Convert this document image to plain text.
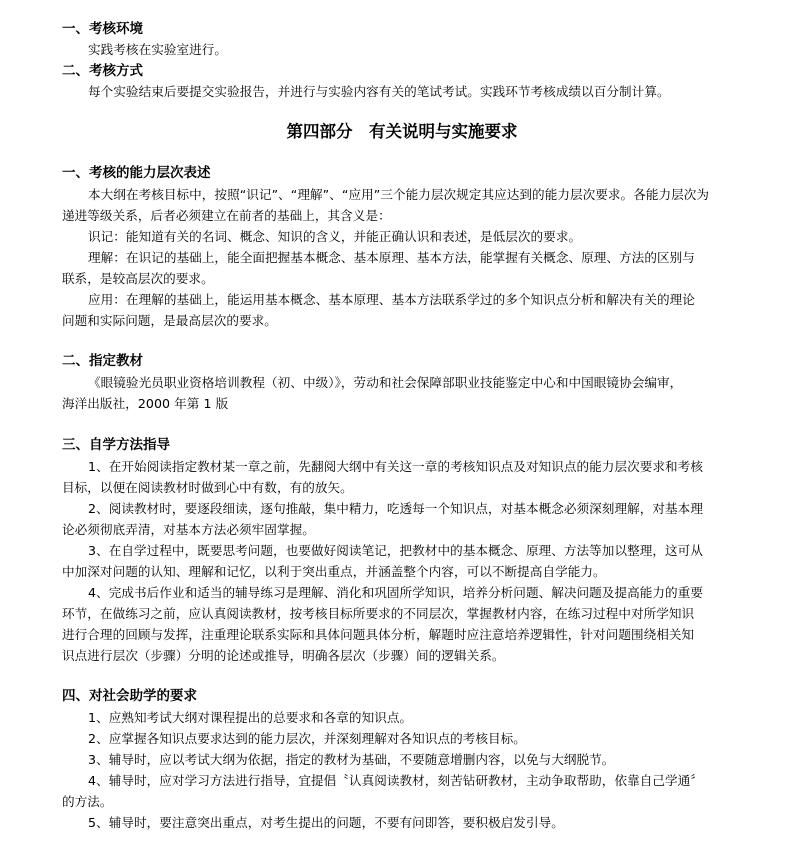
一、考核环境
实践考核在实验室进行。
二、考核方式
每个实验结束后要提交实验报告，并进行与实验内容有关的笔试考试。实践环节考核成绩以百分制计算。
第四部分　有关说明与实施要求
一、考核的能力层次表述
本大纲在考核目标中，按照“识记”、“理解”、“应用”三个能力层次规定其应达到的能力层次要求。各能力层次为
递进等级关系，后者必须建立在前者的基础上，其含义是：
识记：能知道有关的名词、概念、知识的含义，并能正确认识和表述，是低层次的要求。
理解：在识记的基础上，能全面把握基本概念、基本原理、基本方法，能掌握有关概念、原理、方法的区别与
联系，是较高层次的要求。
应用：在理解的基础上，能运用基本概念、基本原理、基本方法联系学过的多个知识点分析和解决有关的理论
问题和实际问题，是最高层次的要求。
二、指定教材
《眼镜验光员职业资格培训教程（初、中级）》，劳动和社会保障部职业技能鉴定中心和中国眼镜协会编审，
海洋出版社，2000 年第 1 版
三、自学方法指导
1、在开始阅读指定教材某一章之前，先翻阅大纲中有关这一章的考核知识点及对知识点的能力层次要求和考核
目标，以便在阅读教材时做到心中有数，有的放矢。
2、阅读教材时，要逐段细读，逐句推敲，集中精力，吃透每一个知识点，对基本概念必须深刻理解，对基本理
论必须彻底弄清，对基本方法必须牢固掌握。
3、在自学过程中，既要思考问题，也要做好阅读笔记，把教材中的基本概念、原理、方法等加以整理，这可从
中加深对问题的认知、理解和记忆，以利于突出重点，并涵盖整个内容，可以不断提高自学能力。
4、完成书后作业和适当的辅导练习是理解、消化和巩固所学知识，培养分析问题、解决问题及提高能力的重要
环节，在做练习之前，应认真阅读教材，按考核目标所要求的不同层次，掌握教材内容，在练习过程中对所学知识
进行合理的回顾与发挥，注重理论联系实际和具体问题具体分析，解题时应注意培养逻辑性，针对问题围绕相关知
识点进行层次（步骤）分明的论述或推导，明确各层次（步骤）间的逻辑关系。
四、对社会助学的要求
1、应熟知考试大纲对课程提出的总要求和各章的知识点。
2、应掌握各知识点要求达到的能力层次，并深刻理解对各知识点的考核目标。
3、辅导时，应以考试大纲为依据，指定的教材为基础，不要随意增删内容，以免与大纲脱节。
4、辅导时，应对学习方法进行指导，宜提倡〝认真阅读教材，刻苦钻研教材，主动争取帮助，依靠自己学通〞
的方法。
5、辅导时，要注意突出重点，对考生提出的问题，不要有问即答，要积极启发引导。
